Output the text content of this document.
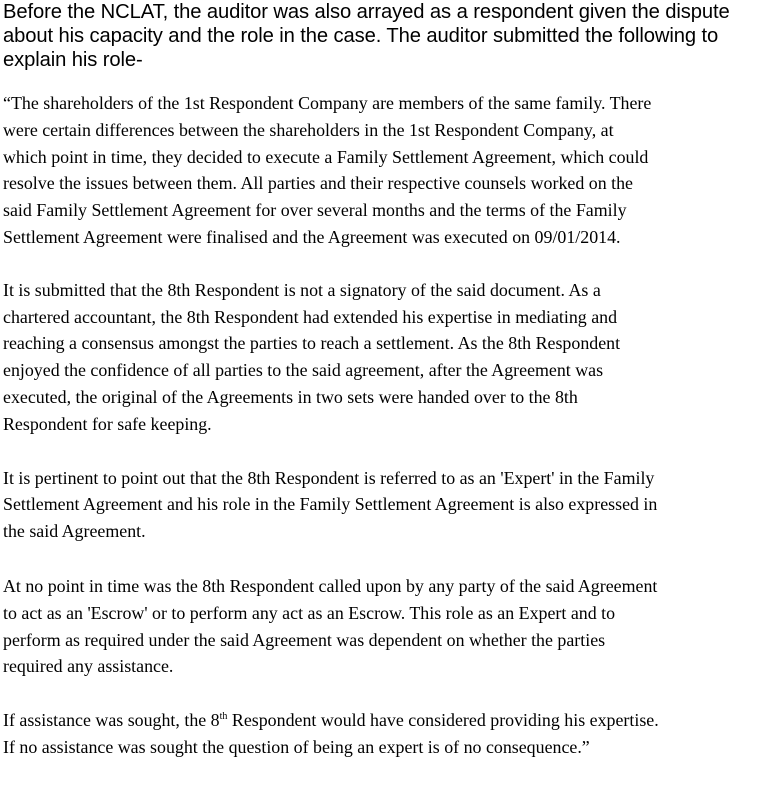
Before the NCLAT, the auditor was also arrayed as a respondent given the dispute
about his capacity and the role in the case. The auditor submitted the following to
explain his role-

“The shareholders of the 1st Respondent Company are members of the same family. There
were certain differences between the shareholders in the 1st Respondent Company, at
which point in time, they decided to execute a Family Settlement Agreement, which could
resolve the issues between them. All parties and their respective counsels worked on the
said Family Settlement Agreement for over several months and the terms of the Family
Settlement Agreement were finalised and the Agreement was executed on 09/01/2014.

It is submitted that the 8th Respondent is not a signatory of the said document. As a
chartered accountant, the 8th Respondent had extended his expertise in mediating and
reaching a consensus amongst the parties to reach a settlement. As the 8th Respondent
enjoyed the confidence of all parties to the said agreement, after the Agreement was
executed, the original of the Agreements in two sets were handed over to the 8th
Respondent for safe keeping.

It is pertinent to point out that the 8th Respondent is referred to as an 'Expert' in the Family
Settlement Agreement and his role in the Family Settlement Agreement is also expressed in
the said Agreement.

At no point in time was the 8th Respondent called upon by any party of the said Agreement
to act as an 'Escrow' or to perform any act as an Escrow. This role as an Expert and to
perform as required under the said Agreement was dependent on whether the parties
required any assistance.

If assistance was sought, the 8th Respondent would have considered providing his expertise.
If no assistance was sought the question of being an expert is of no consequence.”
